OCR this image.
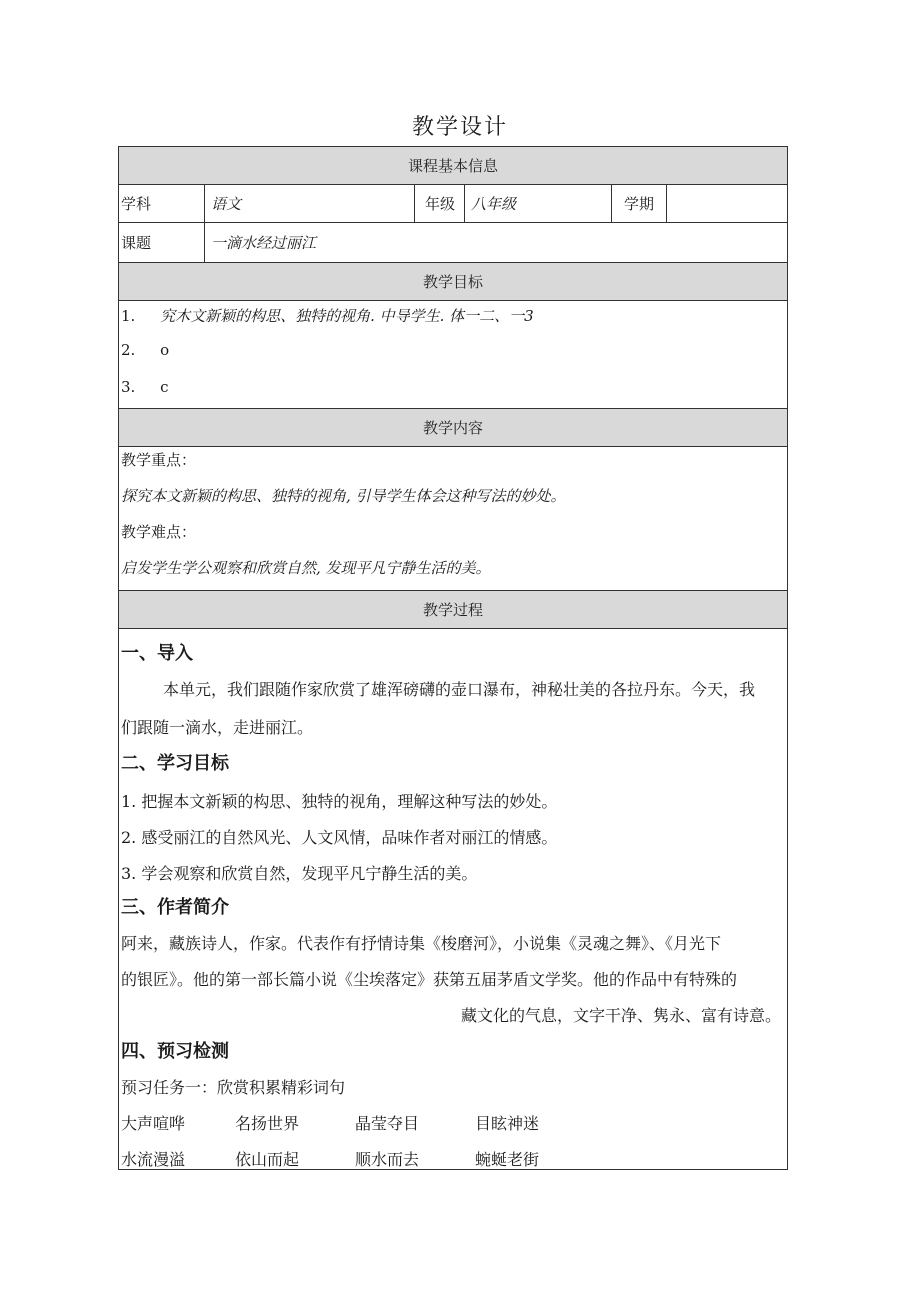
教学设计
课程基本信息
学科	语文	年级	八年级	学期
课题	一滴水经过丽江
教学目标
1. 究木文新颖的构思、独特的视角. 中导学生. 体一二、一3
2. o
3. c
教学内容
教学重点：
探究本文新颖的构思、独特的视角, 引导学生体会这种写法的妙处。
教学难点：
启发学生学公观察和欣赏自然, 发现平凡宁静生活的美。
教学过程
一、导入
本单元，我们跟随作家欣赏了雄浑磅礴的壶口瀑布，神秘壮美的各拉丹东。今天，我
们跟随一滴水，走进丽江。
二、学习目标
1. 把握本文新颖的构思、独特的视角，理解这种写法的妙处。
2. 感受丽江的自然风光、人文风情，品味作者对丽江的情感。
3. 学会观察和欣赏自然，发现平凡宁静生活的美。
三、作者简介
阿来，藏族诗人，作家。代表作有抒情诗集《梭磨河》，小说集《灵魂之舞》、《月光下
的银匠》。他的第一部长篇小说《尘埃落定》获第五届茅盾文学奖。他的作品中有特殊的
藏文化的气息，文字干净、隽永、富有诗意。
四、预习检测
预习任务一：欣赏积累精彩词句
大声喧哗	名扬世界	晶莹夺目	目眩神迷
水流漫溢	依山而起	顺水而去	蜿蜒老街
